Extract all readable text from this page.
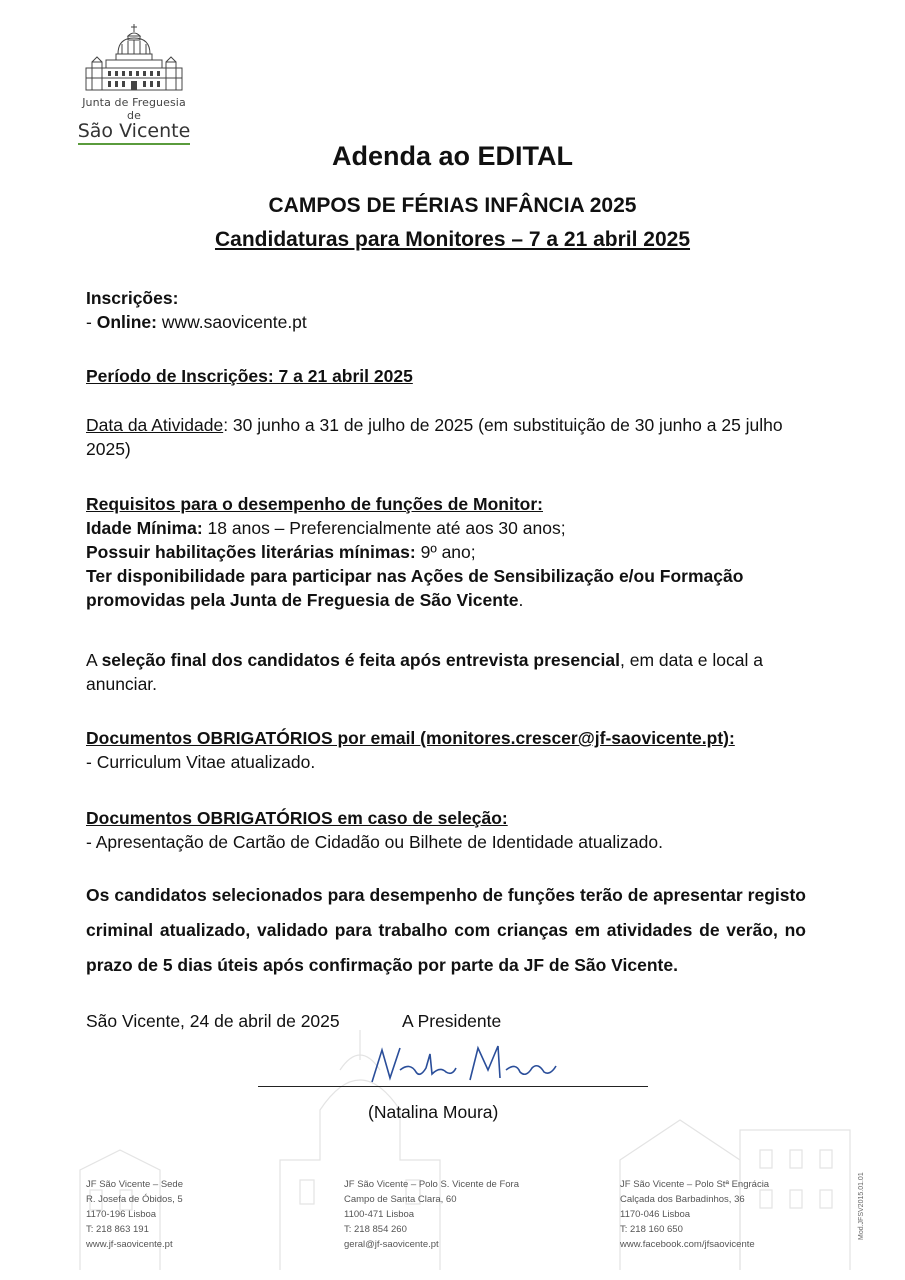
Junta de Freguesia de
São Vicente
Adenda ao EDITAL
CAMPOS DE FÉRIAS INFÂNCIA 2025
Candidaturas para Monitores – 7 a 21 abril 2025
Inscrições:
- Online: www.saovicente.pt
Período de Inscrições: 7 a 21 abril 2025
Data da Atividade: 30 junho a 31 de julho de 2025 (em substituição de 30 junho a 25 julho 2025)
Requisitos para o desempenho de funções de Monitor:
Idade Mínima: 18 anos – Preferencialmente até aos 30 anos;
Possuir habilitações literárias mínimas: 9º ano;
Ter disponibilidade para participar nas Ações de Sensibilização e/ou Formação promovidas pela Junta de Freguesia de São Vicente.
A seleção final dos candidatos é feita após entrevista presencial, em data e local a anunciar.
Documentos OBRIGATÓRIOS por email (monitores.crescer@jf-saovicente.pt):
- Curriculum Vitae atualizado.
Documentos OBRIGATÓRIOS em caso de seleção:
- Apresentação de Cartão de Cidadão ou Bilhete de Identidade atualizado.
Os candidatos selecionados para desempenho de funções terão de apresentar registo criminal atualizado, validado para trabalho com crianças em atividades de verão, no prazo de 5 dias úteis após confirmação por parte da JF de São Vicente.
São Vicente, 24 de abril de 2025	A Presidente
(Natalina Moura)
JF São Vicente – Sede
R. Josefa de Óbidos, 5
1170-196 Lisboa
T: 218 863 191
www.jf-saovicente.pt
JF São Vicente – Polo S. Vicente de Fora
Campo de Santa Clara, 60
1100-471 Lisboa
T: 218 854 260
geral@jf-saovicente.pt
JF São Vicente – Polo Stª Engrácia
Calçada dos Barbadinhos, 36
1170-046 Lisboa
T: 218 160 650
www.facebook.com/jfsaovicente
Mod.JFSV2015.01.01
